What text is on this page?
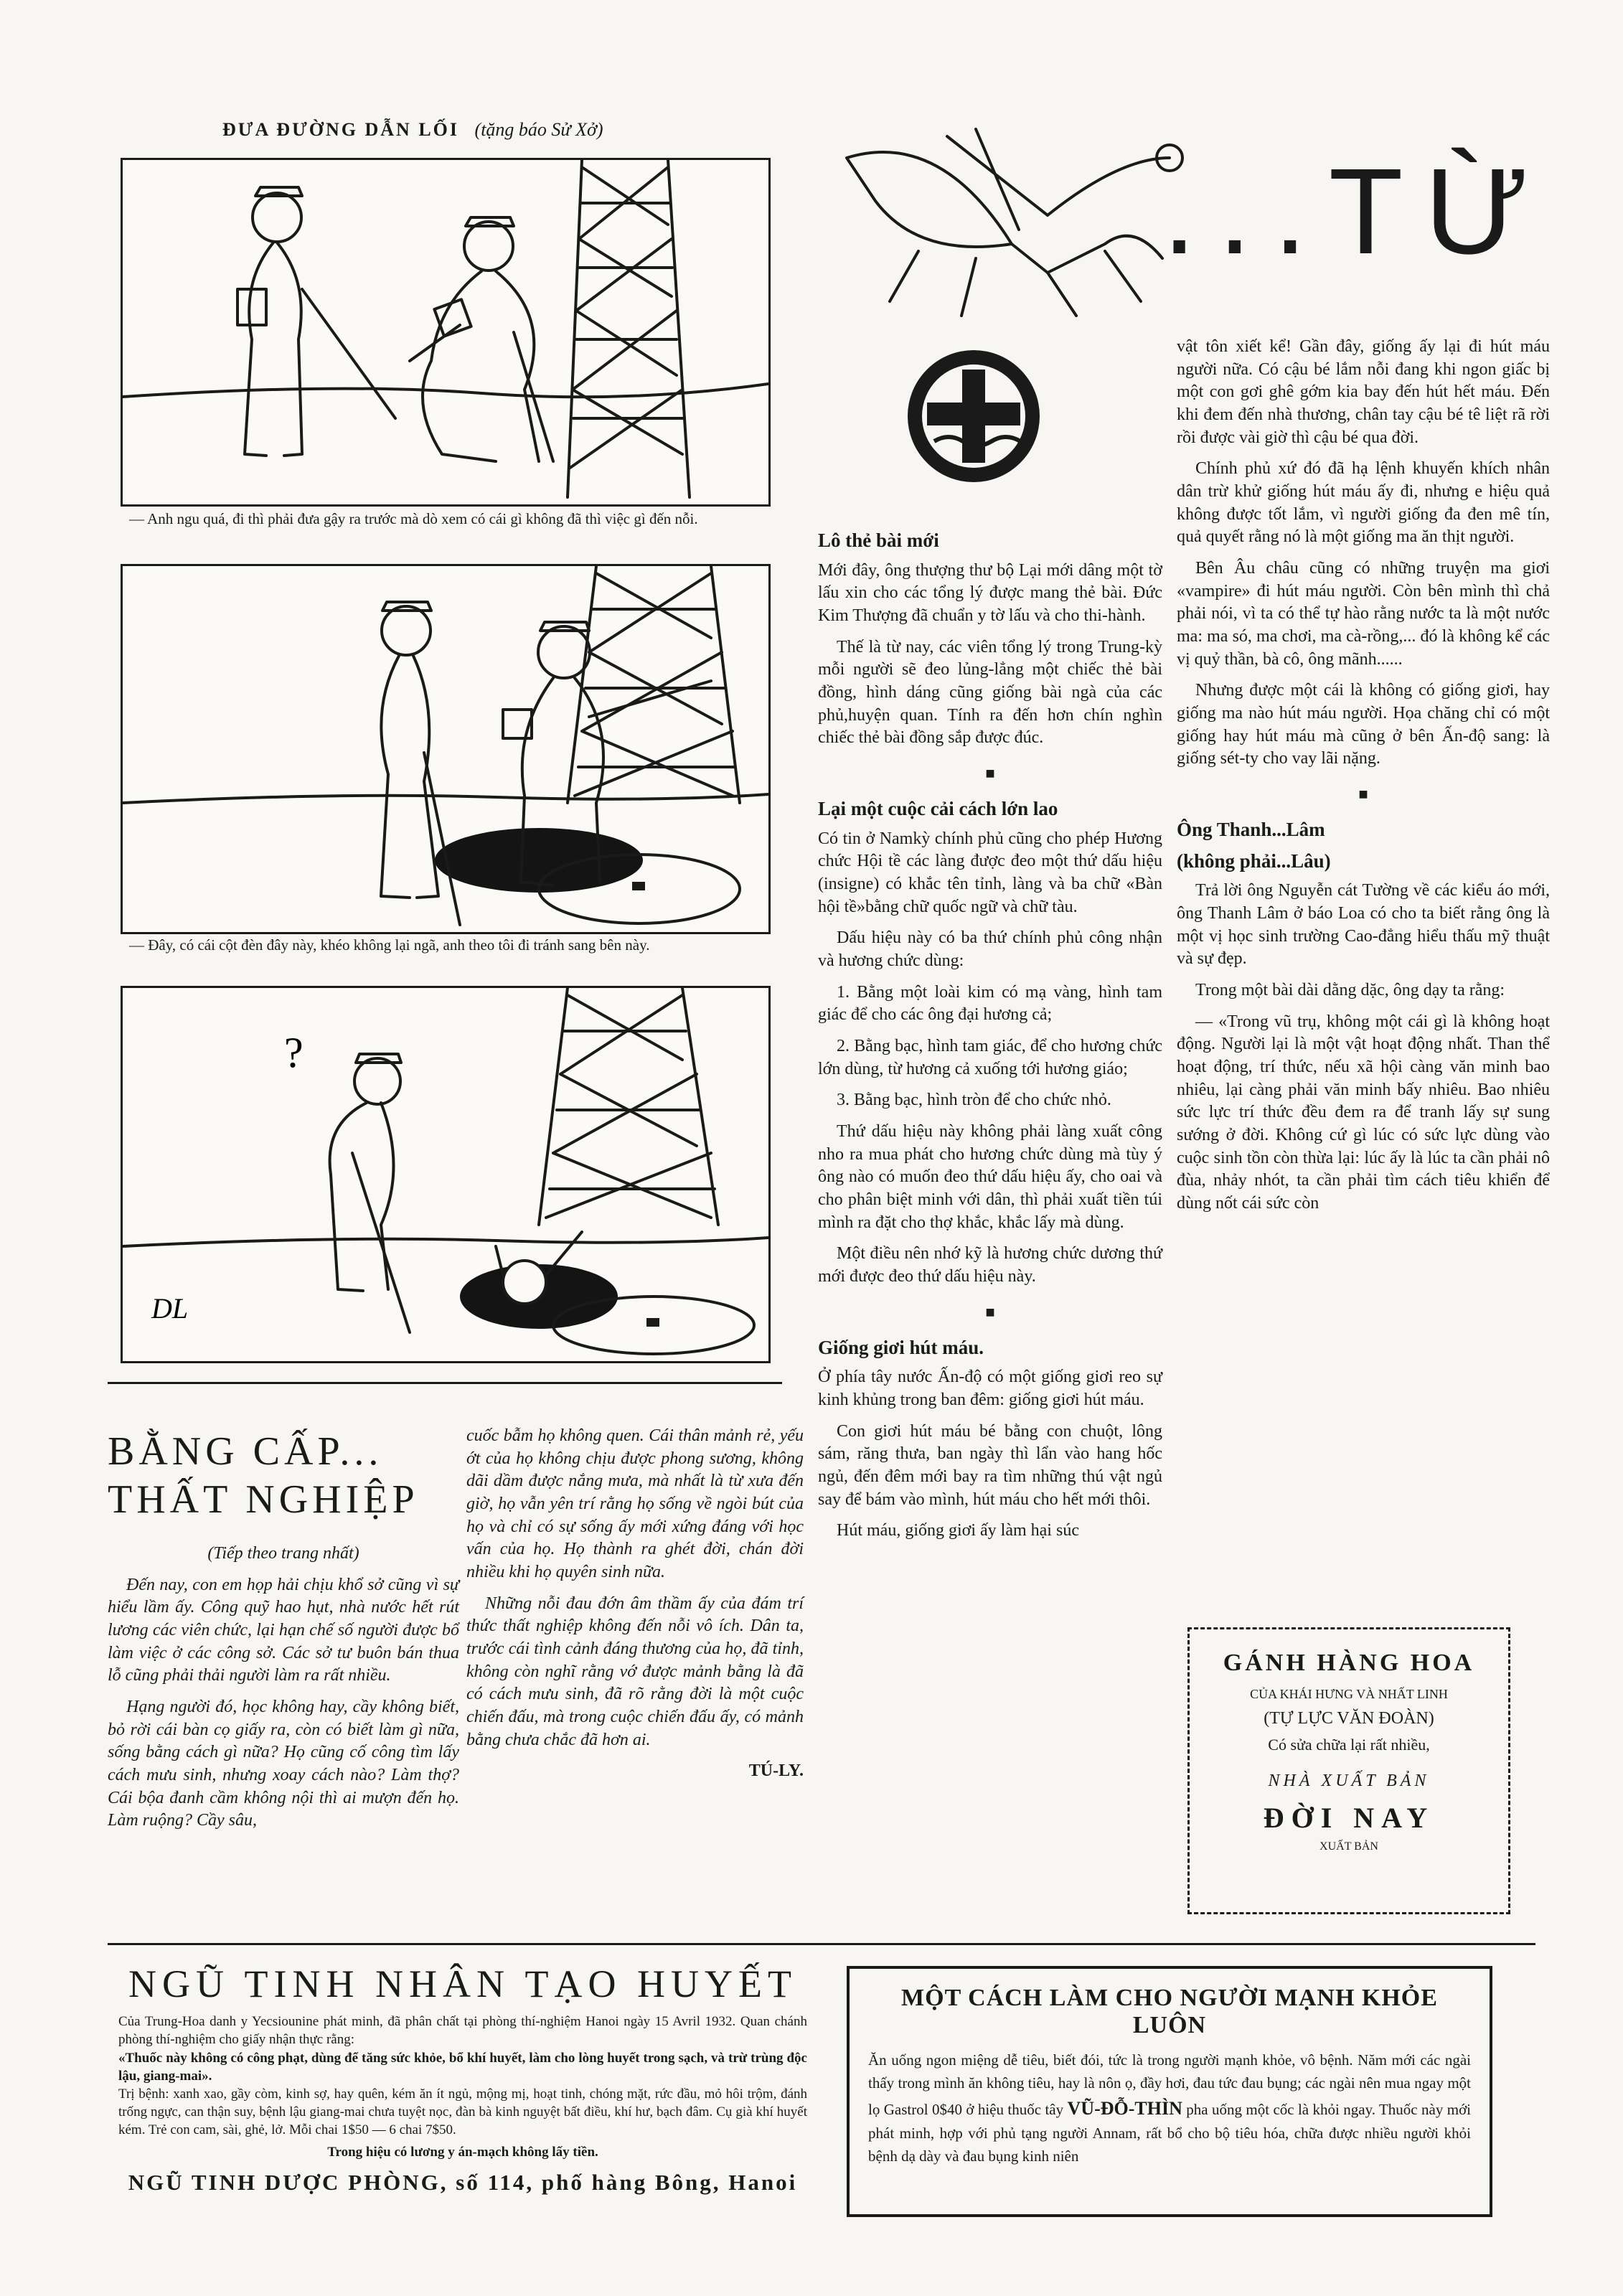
ĐƯA ĐƯỜNG DẪN LỐI (tặng báo Sử Xở)
— Anh ngu quá, đi thì phải đưa gậy ra trước mà dò xem có cái gì không đã thì việc gì đến nỗi.
— Đây, có cái cột đèn đây này, khéo không lại ngã, anh theo tôi đi tránh sang bên này.
?
DL
...TỪ

vật tôn xiết kể! Gần đây, giống ấy lại đi hút máu người nữa. Có cậu bé lắm nỗi đang khi ngon giấc bị một con gơi ghê gớm kia bay đến hút hết máu. Đến khi đem đến nhà thương, chân tay cậu bé tê liệt rã rời rồi được vài giờ thì cậu bé qua đời.

Chính phủ xứ đó đã hạ lệnh khuyến khích nhân dân trừ khử giống hút máu ấy đi, nhưng e hiệu quả không được tốt lắm, vì người giống đa đen mê tín, quả quyết rằng nó là một giống ma ăn thịt người.

Bên Âu châu cũng có những truyện ma giơi «vampire» đi hút máu người. Còn bên mình thì chả phải nói, vì ta có thể tự hào rằng nước ta là một nước ma: ma só, ma chơi, ma cà-rồng,... đó là không kể các vị quỷ thần, bà cô, ông mãnh......

Nhưng được một cái là không có giống giơi, hay giống ma nào hút máu người. Họa chăng chỉ có một giống hay hút máu mà cũng ở bên Ấn-độ sang: là giống sét-ty cho vay lãi nặng.

■
Ông Thanh...Lâm
(không phải...Lâu)

Trả lời ông Nguyễn cát Tường về các kiểu áo mới, ông Thanh Lâm ở báo Loa có cho ta biết rằng ông là một vị học sinh trường Cao-đẳng hiểu thấu mỹ thuật và sự đẹp.

Trong một bài dài dằng dặc, ông dạy ta rằng:

— «Trong vũ trụ, không một cái gì là không hoạt động. Người lại là một vật hoạt động nhất. Than thể hoạt động, trí thức, nếu xã hội càng văn minh bao nhiêu, lại càng phải văn minh bấy nhiêu. Bao nhiêu sức lực trí thức đều đem ra để tranh lấy sự sung sướng ở đời. Không cứ gì lúc có sức lực dùng vào cuộc sinh tồn còn thừa lại: lúc ấy là lúc ta cần phải nô đùa, nhảy nhót, ta cần phải tìm cách tiêu khiển để dùng nốt cái sức còn

Lô thẻ bài mới

Mới đây, ông thượng thư bộ Lại mới dâng một tờ lấu xin cho các tổng lý được mang thẻ bài. Đức Kim Thượng đã chuẩn y tờ lấu và cho thi-hành.

Thế là từ nay, các viên tổng lý trong Trung-kỳ mỗi người sẽ đeo lủng-lẳng một chiếc thẻ bài đồng, hình dáng cũng giống bài ngà của các phủ,huyện quan. Tính ra đến hơn chín nghìn chiếc thẻ bài đồng sắp được đúc.

■
Lại một cuộc cải cách lớn lao

Có tin ở Namkỳ chính phủ cũng cho phép Hương chức Hội tề các làng được đeo một thứ dấu hiệu (insigne) có khắc tên tỉnh, làng và ba chữ «Bàn hội tề»bằng chữ quốc ngữ và chữ tàu.

Dấu hiệu này có ba thứ chính phủ công nhận và hương chức dùng:

1. Bằng một loài kim có mạ vàng, hình tam giác để cho các ông đại hương cả;

2. Bằng bạc, hình tam giác, để cho hương chức lớn dùng, từ hương cả xuống tới hương giáo;

3. Bằng bạc, hình tròn để cho chức nhỏ.

Thứ dấu hiệu này không phải làng xuất công nho ra mua phát cho hương chức dùng mà tùy ý ông nào có muốn đeo thứ dấu hiệu ấy, cho oai và cho phân biệt minh với dân, thì phải xuất tiền túi mình ra đặt cho thợ khắc, khắc lấy mà dùng.

Một điều nên nhớ kỹ là hương chức dương thứ mới được đeo thứ dấu hiệu này.

■
Giống giơi hút máu.

Ở phía tây nước Ấn-độ có một giống giơi reo sự kinh khủng trong ban đêm: giống giơi hút máu.

Con giơi hút máu bé bằng con chuột, lông sám, răng thưa, ban ngày thì lẩn vào hang hốc ngủ, đến đêm mới bay ra tìm những thú vật ngủ say để bám vào mình, hút máu cho hết mới thôi.

Hút máu, giống giơi ấy làm hại súc

BẰNG CẤP...
THẤT NGHIỆP

(Tiếp theo trang nhất)

Đến nay, con em họp hải chịu khổ sở cũng vì sự hiểu lầm ấy. Công quỹ hao hụt, nhà nước hết rút lương các viên chức, lại hạn chế số người được bổ làm việc ở các công sở. Các sở tư buôn bán thua lỗ cũng phải thải người làm ra rất nhiều.

Hạng người đó, học không hay, cầy không biết, bỏ rời cái bàn cọ giấy ra, còn có biết làm gì nữa, sống bằng cách gì nữa? Họ cũng cố công tìm lấy cách mưu sinh, nhưng xoay cách nào? Làm thợ? Cái bộa đanh cầm không nội thì ai mượn đến họ. Làm ruộng? Cầy sâu,

cuốc bẫm họ không quen. Cái thân mảnh rẻ, yếu ớt của họ không chịu được phong sương, không dãi dầm được nắng mưa, mà nhất là từ xưa đến giờ, họ vẫn yên trí rằng họ sống về ngòi bút của họ và chỉ có sự sống ấy mới xứng đáng với học vấn của họ. Họ thành ra ghét đời, chán đời nhiều khi họ quyên sinh nữa.

Những nỗi đau đớn âm thầm ấy của đám trí thức thất nghiệp không đến nỗi vô ích. Dân ta, trước cái tình cảnh đáng thương của họ, đã tỉnh, không còn nghĩ rằng vớ được mảnh bằng là đã có cách mưu sinh, đã rõ rằng đời là một cuộc chiến đấu, mà trong cuộc chiến đấu ấy, có mảnh bằng chưa chắc đã hơn ai.

TÚ-LY.
GÁNH HÀNG HOA
CỦA KHÁI HƯNG VÀ NHẤT LINH
(TỰ LỰC VĂN ĐOÀN)
Có sửa chữa lại rất nhiều,
NHÀ XUẤT BẢN
ĐỜI NAY
XUẤT BẢN
NGŨ TINH NHÂN TẠO HUYẾT
Của Trung-Hoa danh y Yecsiounine phát minh, đã phân chất tại phòng thí-nghiệm Hanoi ngày 15 Avril 1932. Quan chánh phòng thí-nghiệm cho giấy nhận thực rằng:
«Thuốc này không có công phạt, dùng để tăng sức khỏe, bổ khí huyết, làm cho lòng huyết trong sạch, và trừ trùng độc lậu, giang-mai».
Trị bệnh: xanh xao, gầy còm, kinh sợ, hay quên, kém ăn ít ngủ, mộng mị, hoạt tinh, chóng mặt, rức đầu, mỏ hôi trộm, đánh trống ngực, can thận suy, bệnh lậu giang-mai chưa tuyệt nọc, đàn bà kinh nguyệt bất điều, khí hư, bạch đâm. Cụ già khí huyết kém. Trẻ con cam, sài, ghẻ, lở. Mỗi chai 1$50 — 6 chai 7$50.
Trong hiệu có lương y án-mạch không lấy tiền.
NGŨ TINH DƯỢC PHÒNG, số 114, phố hàng Bông, Hanoi
MỘT CÁCH LÀM CHO NGƯỜI MẠNH KHỎE LUÔN
Ăn uống ngon miệng dễ tiêu, biết đói, tức là trong người mạnh khỏe, vô bệnh. Năm mới các ngài thấy trong mình ăn không tiêu, hay là nôn ọ, đầy hơi, đau tức đau bụng; các ngài nên mua ngay một lọ Gastrol 0$40 ở hiệu thuốc tây VŨ-ĐỖ-THÌN pha uống một cốc là khỏi ngay. Thuốc này mới phát minh, hợp với phủ tạng người Annam, rất bổ cho bộ tiêu hóa, chữa được nhiều người khỏi bệnh dạ dày và đau bụng kinh niên
